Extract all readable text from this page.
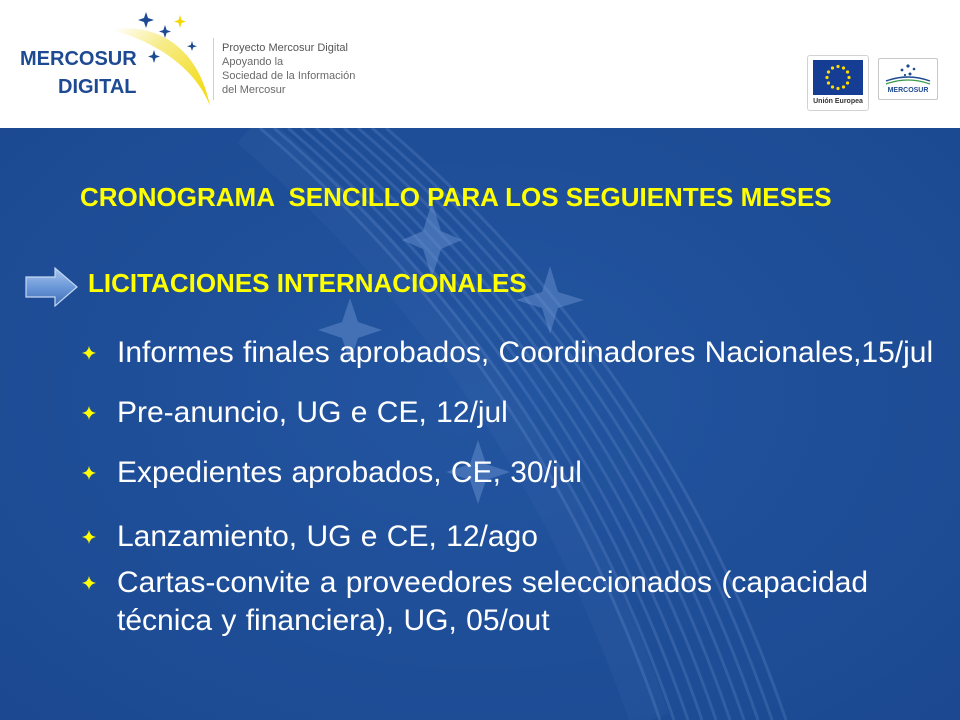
MERCOSUR
DIGITAL
Proyecto Mercosur Digital
Apoyando la
Sociedad de la Información
del Mercosur
Unión Europea
MERCOSUR
CRONOGRAMA  SENCILLO PARA LOS SEGUIENTES MESES
LICITACIONES INTERNACIONALES
Informes finales aprobados, Coordinadores Nacionales,15/jul
Pre-anuncio, UG e CE, 12/jul
Expedientes aprobados, CE, 30/jul
Lanzamiento, UG e CE, 12/ago
Cartas-convite a proveedores seleccionados (capacidad técnica y financiera), UG, 05/out
